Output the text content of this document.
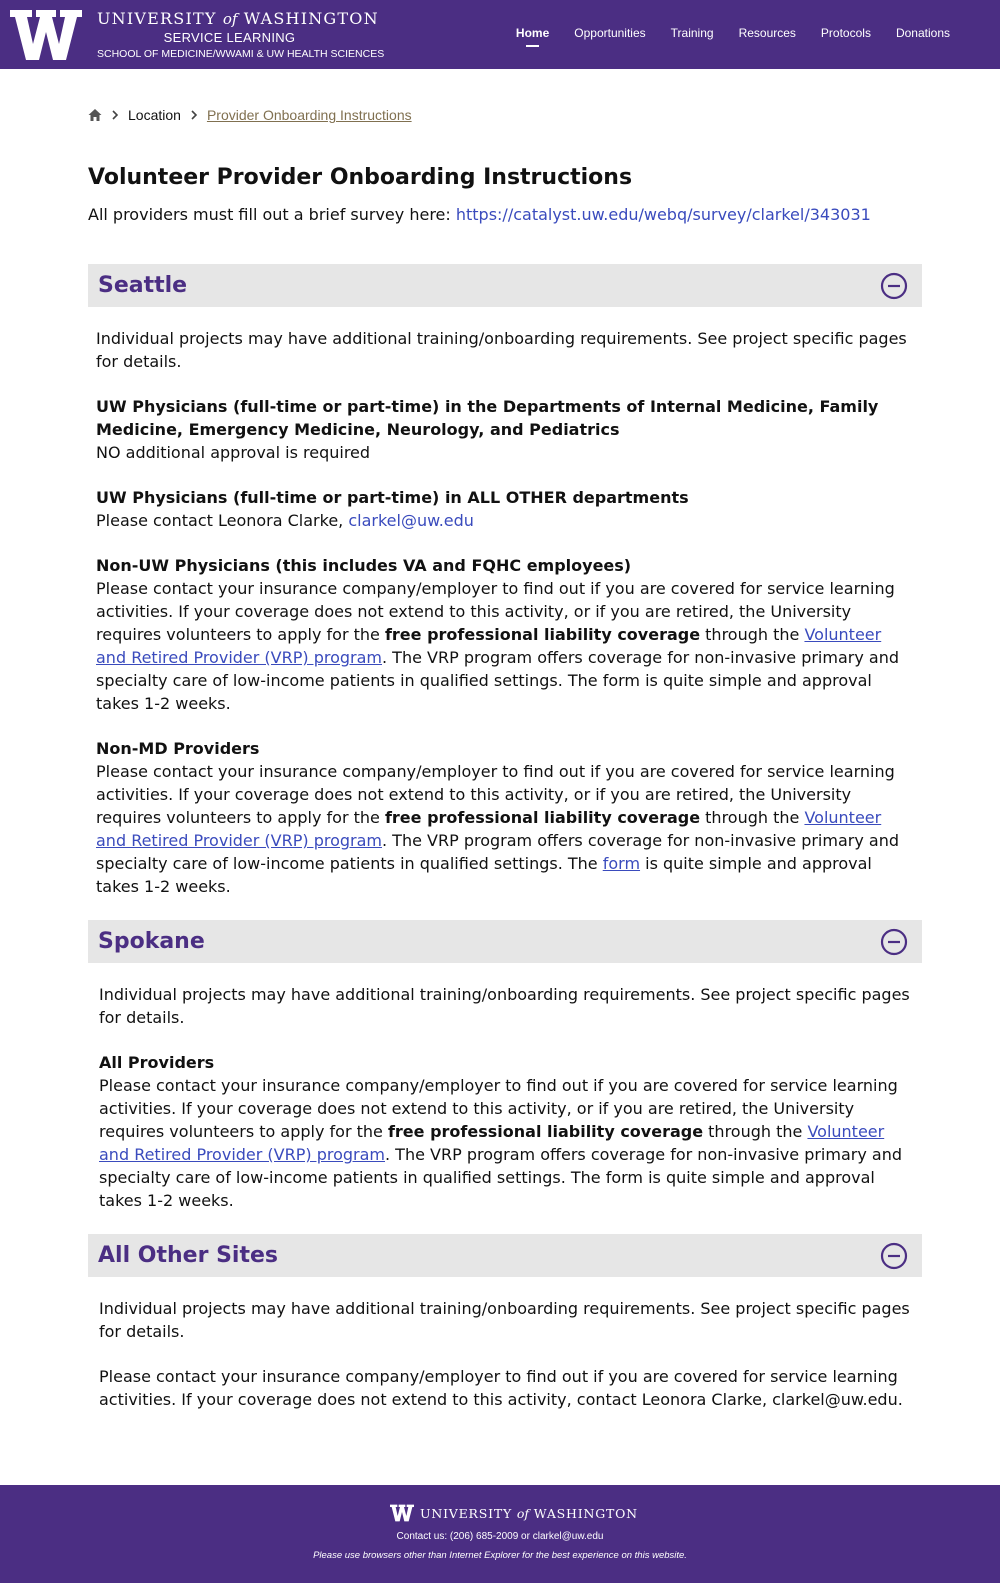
UNIVERSITY of WASHINGTON
SERVICE LEARNING
SCHOOL OF MEDICINE/WWAMI & UW HEALTH SCIENCES
Home Opportunities Training Resources Protocols Donations
Location Provider Onboarding Instructions
Volunteer Provider Onboarding Instructions
All providers must fill out a brief survey here: https://catalyst.uw.edu/webq/survey/clarkel/343031
Seattle

Individual projects may have additional training/onboarding requirements. See project specific pages for details.

UW Physicians (full-time or part-time) in the Departments of Internal Medicine, Family Medicine, Emergency Medicine, Neurology, and Pediatrics
NO additional approval is required

UW Physicians (full-time or part-time) in ALL OTHER departments
Please contact Leonora Clarke, clarkel@uw.edu

Non-UW Physicians (this includes VA and FQHC employees)
Please contact your insurance company/employer to find out if you are covered for service learning activities. If your coverage does not extend to this activity, or if you are retired, the University requires volunteers to apply for the free professional liability coverage through the Volunteer and Retired Provider (VRP) program. The VRP program offers coverage for non-invasive primary and specialty care of low-income patients in qualified settings. The form is quite simple and approval takes 1-2 weeks.

Non-MD Providers
Please contact your insurance company/employer to find out if you are covered for service learning activities. If your coverage does not extend to this activity, or if you are retired, the University requires volunteers to apply for the free professional liability coverage through the Volunteer and Retired Provider (VRP) program. The VRP program offers coverage for non-invasive primary and specialty care of low-income patients in qualified settings. The form is quite simple and approval takes 1-2 weeks.

Spokane

Individual projects may have additional training/onboarding requirements. See project specific pages for details.

All Providers
Please contact your insurance company/employer to find out if you are covered for service learning activities. If your coverage does not extend to this activity, or if you are retired, the University requires volunteers to apply for the free professional liability coverage through the Volunteer and Retired Provider (VRP) program. The VRP program offers coverage for non-invasive primary and specialty care of low-income patients in qualified settings. The form is quite simple and approval takes 1-2 weeks.

All Other Sites

Individual projects may have additional training/onboarding requirements. See project specific pages for details.

Please contact your insurance company/employer to find out if you are covered for service learning activities. If your coverage does not extend to this activity, contact Leonora Clarke, clarkel@uw.edu.

UNIVERSITY of WASHINGTON
Contact us: (206) 685-2009 or clarkel@uw.edu
Please use browsers other than Internet Explorer for the best experience on this website.
